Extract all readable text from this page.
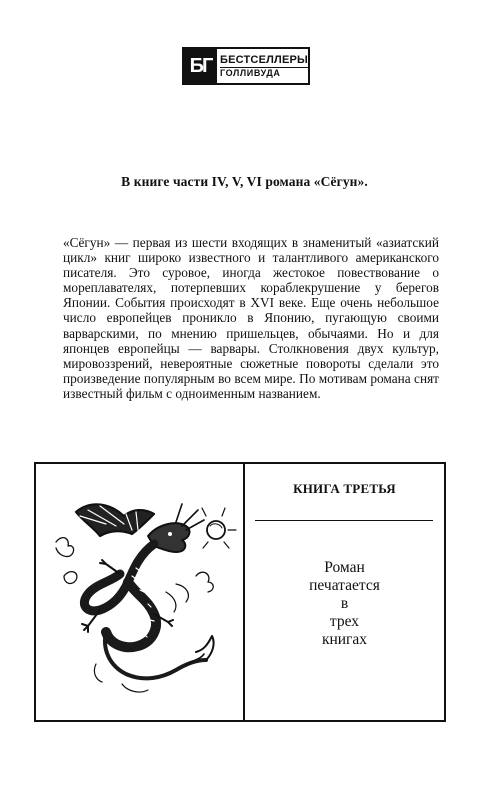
БГ БЕСТСЕЛЛЕРЫ
ГОЛЛИВУДА
В книге части IV, V, VI романа «Сёгун».

«Сёгун» — первая из шести входящих в знаменитый «азиатский цикл» книг широко известного и талантливого американского писателя. Это суровое, иногда жестокое повествование о мореплавателях, потерпевших кораблекрушение у берегов Японии. События происходят в XVI веке. Еще очень небольшое число европейцев проникло в Японию, пугающую своими варварскими, по мнению пришельцев, обычаями. Но и для японцев европейцы — варвары. Столкновения двух культур, мировоззрений, невероятные сюжетные повороты сделали это произведение популярным во всем мире. По мотивам романа снят известный фильм с одноименным названием.

КНИГА ТРЕТЬЯ
Роман
печатается
в
трех
книгах
